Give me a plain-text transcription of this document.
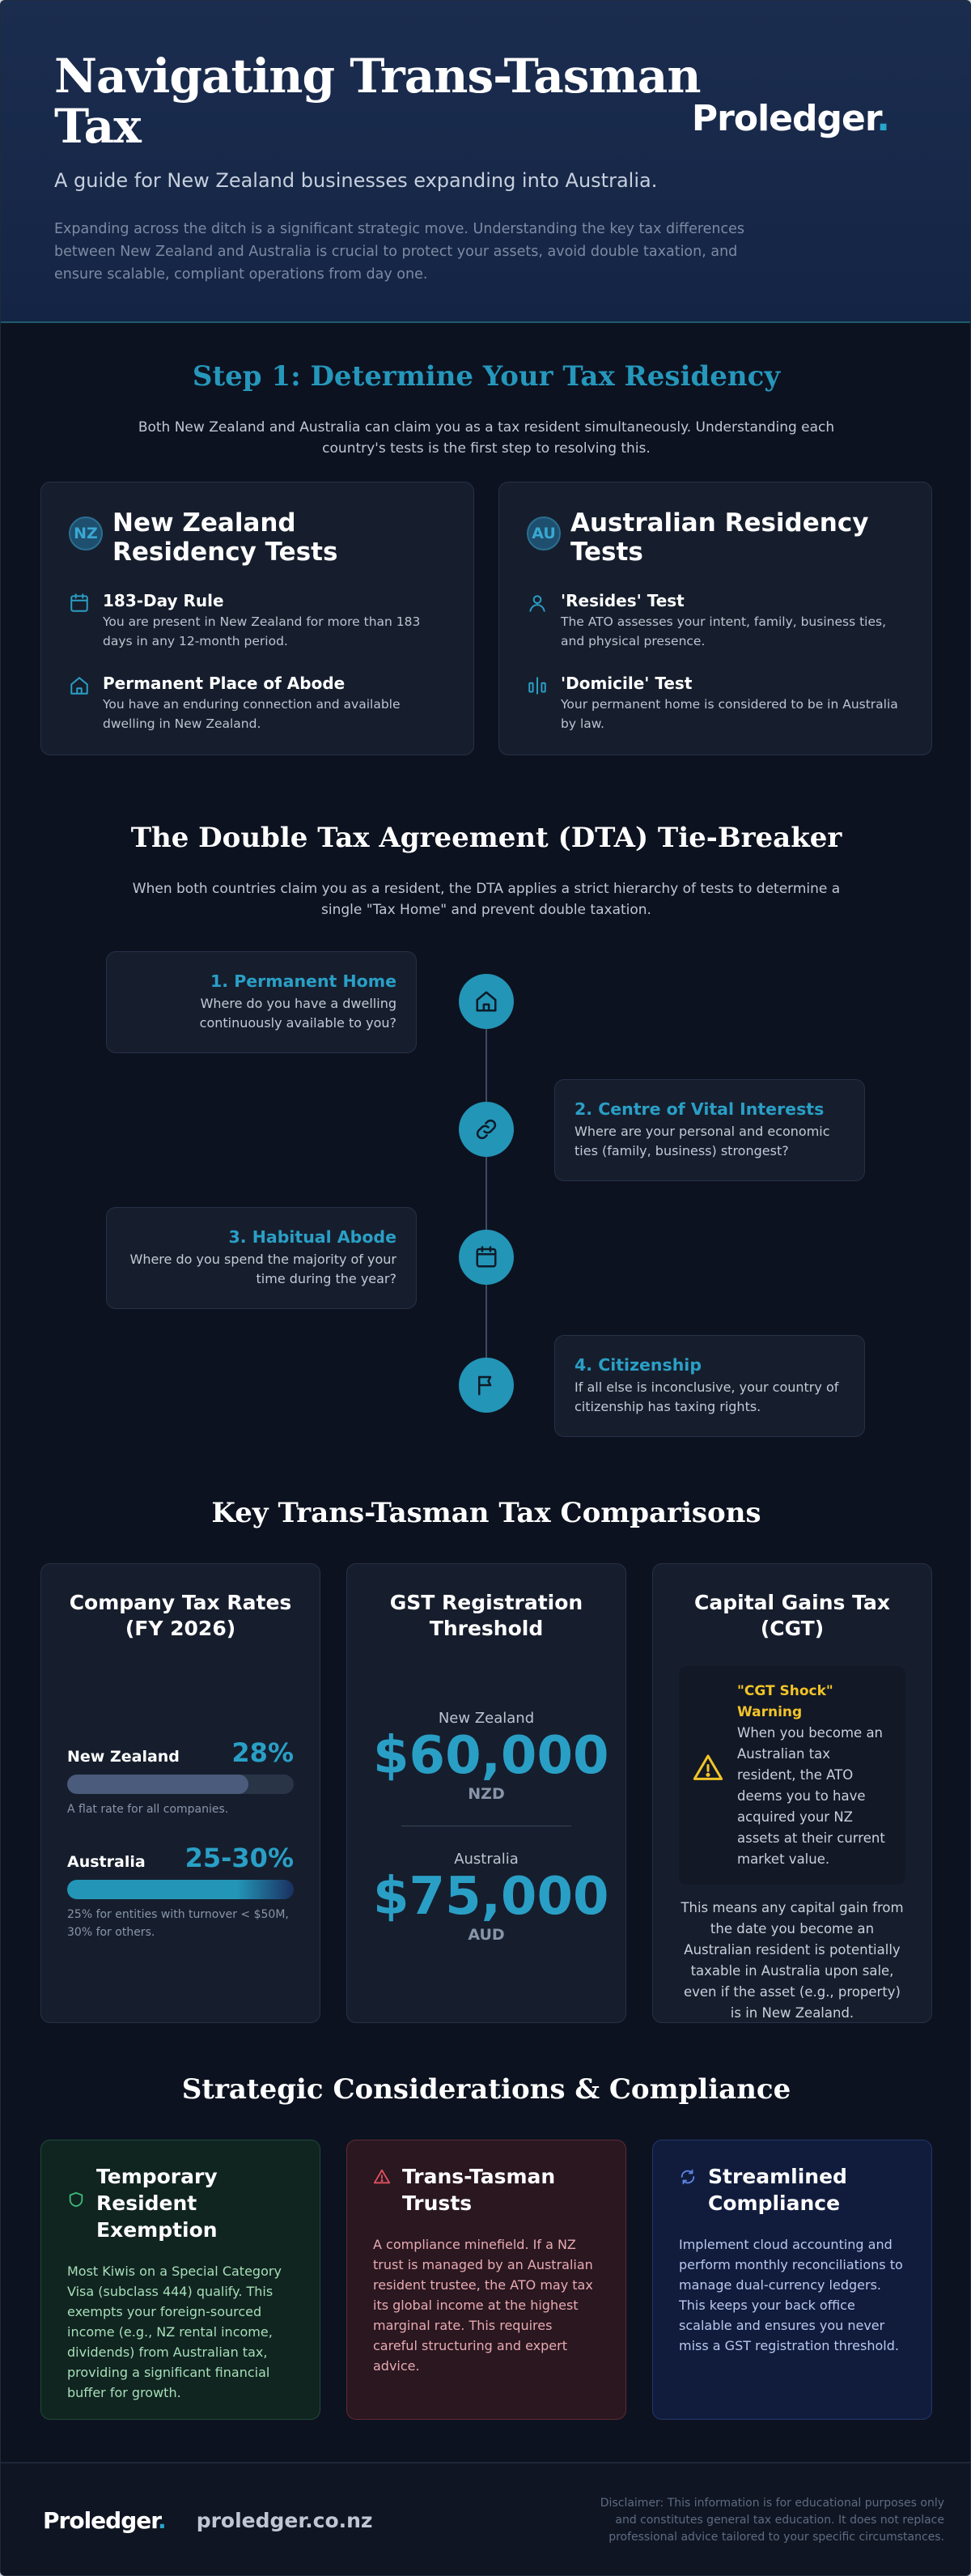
Navigating Trans-Tasman Tax
A guide for New Zealand businesses expanding into Australia.

Expanding across the ditch is a significant strategic move. Understanding the key tax differences between New Zealand and Australia is crucial to protect your assets, avoid double taxation, and ensure scalable, compliant operations from day one.

Proledger.
Step 1: Determine Your Tax Residency

Both New Zealand and Australia can claim you as a tax resident simultaneously. Understanding each country's tests is the first step to resolving this.

NZ New Zealand Residency Tests
183-Day Rule

You are present in New Zealand for more than 183 days in any 12-month period.

Permanent Place of Abode

You have an enduring connection and available dwelling in New Zealand.

AU Australian Residency Tests
'Resides' Test

The ATO assesses your intent, family, business ties, and physical presence.

'Domicile' Test

Your permanent home is considered to be in Australia by law.

The Double Tax Agreement (DTA) Tie-Breaker

When both countries claim you as a resident, the DTA applies a strict hierarchy of tests to determine a single "Tax Home" and prevent double taxation.

1. Permanent Home

Where do you have a dwelling continuously available to you?

2. Centre of Vital Interests

Where are your personal and economic ties (family, business) strongest?

3. Habitual Abode

Where do you spend the majority of your time during the year?

4. Citizenship

If all else is inconclusive, your country of citizenship has taxing rights.

Key Trans-Tasman Tax Comparisons
Company Tax Rates (FY 2026)
New Zealand 28%
A flat rate for all companies.
Australia 25-30%
25% for entities with turnover < $50M, 30% for others.
GST Registration Threshold
New Zealand
$60,000
NZD
Australia
$75,000
AUD
Capital Gains Tax (CGT)
"CGT Shock" Warning
When you become an Australian tax resident, the ATO deems you to have acquired your NZ assets at their current market value.

This means any capital gain from the date you become an Australian resident is potentially taxable in Australia upon sale, even if the asset (e.g., property) is in New Zealand.

Strategic Considerations & Compliance
Temporary Resident Exemption

Most Kiwis on a Special Category Visa (subclass 444) qualify. This exempts your foreign-sourced income (e.g., NZ rental income, dividends) from Australian tax, providing a significant financial buffer for growth.

Trans-Tasman Trusts

A compliance minefield. If a NZ trust is managed by an Australian resident trustee, the ATO may tax its global income at the highest marginal rate. This requires careful structuring and expert advice.

Streamlined Compliance

Implement cloud accounting and perform monthly reconciliations to manage dual-currency ledgers. This keeps your back office scalable and ensures you never miss a GST registration threshold.

Proledger. proledger.co.nz
Disclaimer: This information is for educational purposes only and constitutes general tax education. It does not replace professional advice tailored to your specific circumstances.
